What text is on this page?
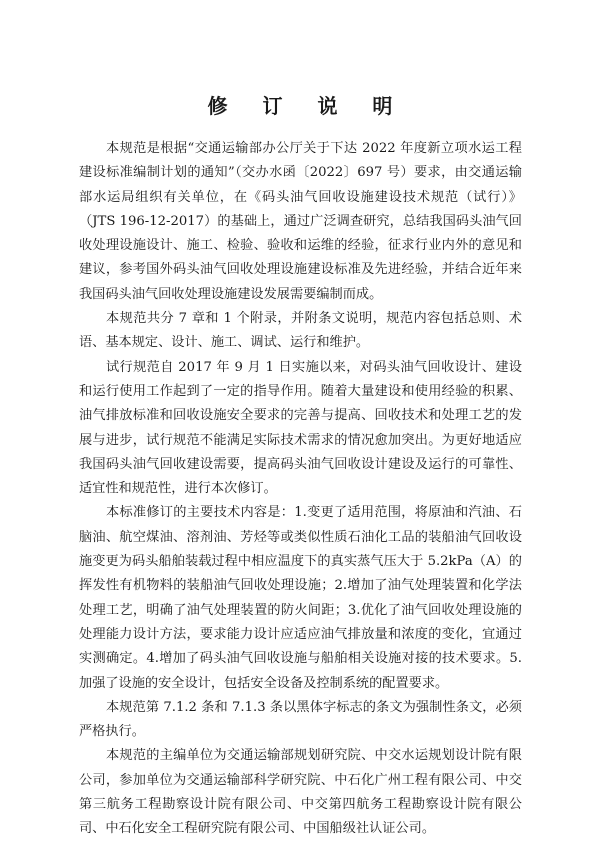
修 订 说 明

本规范是根据“交通运输部办公厅关于下达 2022 年度新立项水运工程建设标准编制计划的通知”（交办水函〔2022〕697 号）要求，由交通运输部水运局组织有关单位，在《码头油气回收设施建设技术规范（试行）》（JTS 196-12-2017）的基础上，通过广泛调查研究，总结我国码头油气回收处理设施设计、施工、检验、验收和运维的经验，征求行业内外的意见和建议，参考国外码头油气回收处理设施建设标准及先进经验，并结合近年来我国码头油气回收处理设施建设发展需要编制而成。

本规范共分 7 章和 1 个附录，并附条文说明，规范内容包括总则、术语、基本规定、设计、施工、调试、运行和维护。

试行规范自 2017 年 9 月 1 日实施以来，对码头油气回收设计、建设和运行使用工作起到了一定的指导作用。随着大量建设和使用经验的积累、油气排放标准和回收设施安全要求的完善与提高、回收技术和处理工艺的发展与进步，试行规范不能满足实际技术需求的情况愈加突出。为更好地适应我国码头油气回收建设需要，提高码头油气回收设计建设及运行的可靠性、适宜性和规范性，进行本次修订。

本标准修订的主要技术内容是：1.变更了适用范围，将原油和汽油、石脑油、航空煤油、溶剂油、芳烃等或类似性质石油化工品的装船油气回收设施变更为码头船舶装载过程中相应温度下的真实蒸气压大于 5.2kPa（A）的挥发性有机物料的装船油气回收处理设施；2.增加了油气处理装置和化学法处理工艺，明确了油气处理装置的防火间距；3.优化了油气回收处理设施的处理能力设计方法，要求能力设计应适应油气排放量和浓度的变化，宜通过实测确定。4.增加了码头油气回收设施与船舶相关设施对接的技术要求。5.加强了设施的安全设计，包括安全设备及控制系统的配置要求。

本规范第 7.1.2 条和 7.1.3 条以黑体字标志的条文为强制性条文，必须严格执行。

本规范的主编单位为交通运输部规划研究院、中交水运规划设计院有限公司，参加单位为交通运输部科学研究院、中石化广州工程有限公司、中交第三航务工程勘察设计院有限公司、中交第四航务工程勘察设计院有限公司、中石化安全工程研究院有限公司、中国船级社认证公司。
